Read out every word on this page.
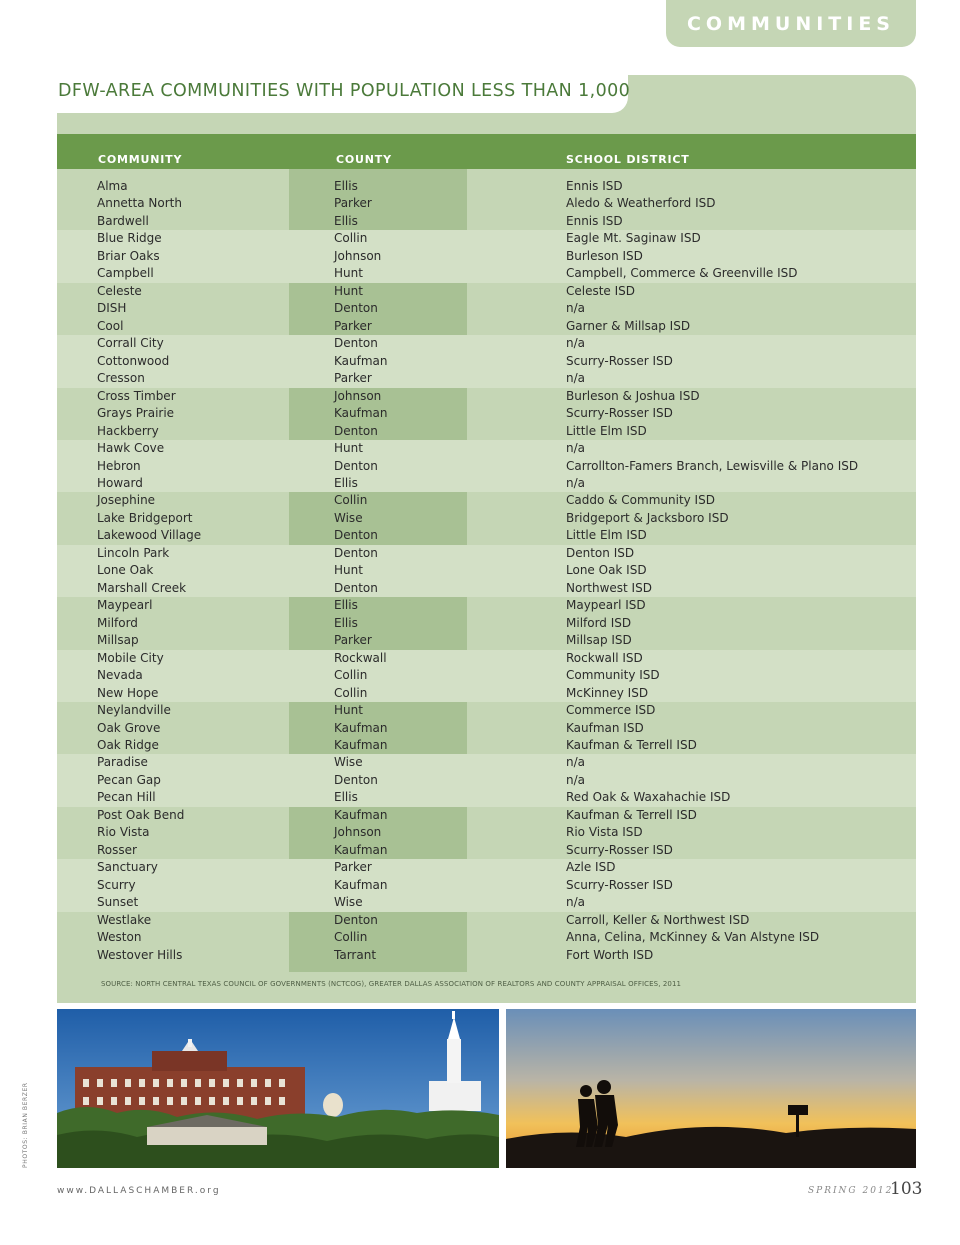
COMMUNITIES
DFW-AREA COMMUNITIES WITH POPULATION LESS THAN 1,000
COMMUNITY	COUNTY	SCHOOL DISTRICT
Alma	Ellis	Ennis ISD
Annetta North	Parker	Aledo & Weatherford ISD
Bardwell	Ellis	Ennis ISD
Blue Ridge	Collin	Eagle Mt. Saginaw ISD
Briar Oaks	Johnson	Burleson ISD
Campbell	Hunt	Campbell, Commerce & Greenville ISD
Celeste	Hunt	Celeste ISD
DISH	Denton	n/a
Cool	Parker	Garner & Millsap ISD
Corrall City	Denton	n/a
Cottonwood	Kaufman	Scurry-Rosser ISD
Cresson	Parker	n/a
Cross Timber	Johnson	Burleson & Joshua ISD
Grays Prairie	Kaufman	Scurry-Rosser ISD
Hackberry	Denton	Little Elm ISD
Hawk Cove	Hunt	n/a
Hebron	Denton	Carrollton-Famers Branch, Lewisville & Plano ISD
Howard	Ellis	n/a
Josephine	Collin	Caddo & Community ISD
Lake Bridgeport	Wise	Bridgeport & Jacksboro ISD
Lakewood Village	Denton	Little Elm ISD
Lincoln Park	Denton	Denton ISD
Lone Oak	Hunt	Lone Oak ISD
Marshall Creek	Denton	Northwest ISD
Maypearl	Ellis	Maypearl ISD
Milford	Ellis	Milford ISD
Millsap	Parker	Millsap ISD
Mobile City	Rockwall	Rockwall ISD
Nevada	Collin	Community ISD
New Hope	Collin	McKinney ISD
Neylandville	Hunt	Commerce ISD
Oak Grove	Kaufman	Kaufman ISD
Oak Ridge	Kaufman	Kaufman & Terrell ISD
Paradise	Wise	n/a
Pecan Gap	Denton	n/a
Pecan Hill	Ellis	Red Oak & Waxahachie ISD
Post Oak Bend	Kaufman	Kaufman & Terrell ISD
Rio Vista	Johnson	Rio Vista ISD
Rosser	Kaufman	Scurry-Rosser ISD
Sanctuary	Parker	Azle ISD
Scurry	Kaufman	Scurry-Rosser ISD
Sunset	Wise	n/a
Westlake	Denton	Carroll, Keller & Northwest ISD
Weston	Collin	Anna, Celina, McKinney & Van Alstyne ISD
Westover Hills	Tarrant	Fort Worth ISD
SOURCE: NORTH CENTRAL TEXAS COUNCIL OF GOVERNMENTS (NCTCOG), GREATER DALLAS ASSOCIATION OF REALTORS AND COUNTY APPRAISAL OFFICES, 2011
PHOTOS: BRIAN BERZER
www.DALLASCHAMBER.org	SPRING 2012
103
